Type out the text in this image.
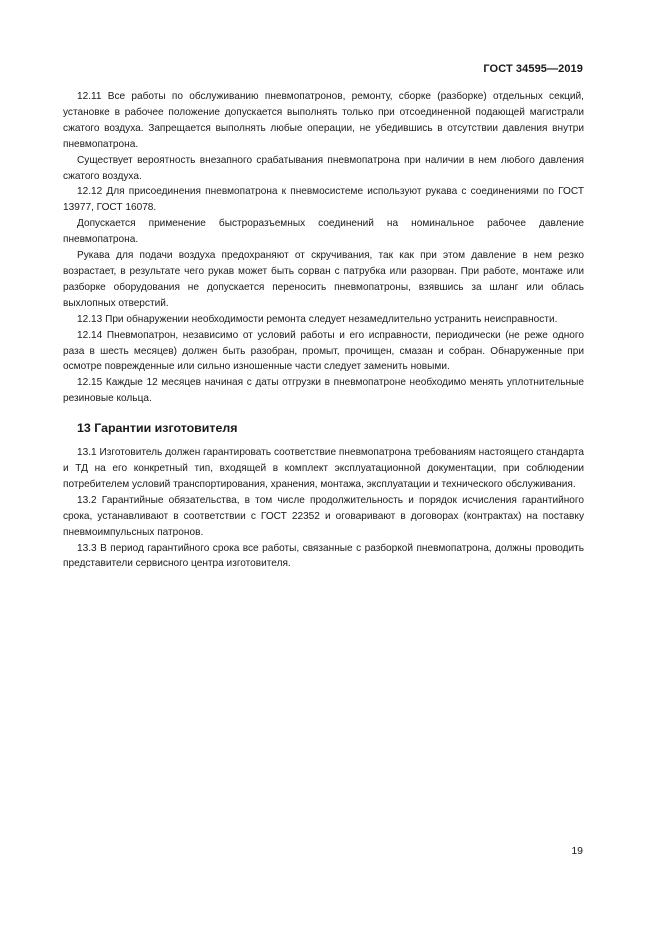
ГОСТ 34595—2019

12.11 Все работы по обслуживанию пневмопатронов, ремонту, сборке (разборке) отдельных секций, установке в рабочее положение допускается выполнять только при отсоединенной подающей магистрали сжатого воздуха. Запрещается выполнять любые операции, не убедившись в отсутствии давления внутри пневмопатрона.

Существует вероятность внезапного срабатывания пневмопатрона при наличии в нем любого давления сжатого воздуха.

12.12 Для присоединения пневмопатрона к пневмосистеме используют рукава с соединениями по ГОСТ 13977, ГОСТ 16078.

Допускается применение быстроразъемных соединений на номинальное рабочее давление пневмопатрона.

Рукава для подачи воздуха предохраняют от скручивания, так как при этом давление в нем резко возрастает, в результате чего рукав может быть сорван с патрубка или разорван. При работе, монтаже или разборке оборудования не допускается переносить пневмопатроны, взявшись за шланг или облась выхлопных отверстий.

12.13 При обнаружении необходимости ремонта следует незамедлительно устранить неисправности.

12.14 Пневмопатрон, независимо от условий работы и его исправности, периодически (не реже одного раза в шесть месяцев) должен быть разобран, промыт, прочищен, смазан и собран. Обнаруженные при осмотре поврежденные или сильно изношенные части следует заменить новыми.

12.15 Каждые 12 месяцев начиная с даты отгрузки в пневмопатроне необходимо менять уплотнительные резиновые кольца.

13 Гарантии изготовителя

13.1 Изготовитель должен гарантировать соответствие пневмопатрона требованиям настоящего стандарта и ТД на его конкретный тип, входящей в комплект эксплуатационной документации, при соблюдении потребителем условий транспортирования, хранения, монтажа, эксплуатации и технического обслуживания.

13.2 Гарантийные обязательства, в том числе продолжительность и порядок исчисления гарантийного срока, устанавливают в соответствии с ГОСТ 22352 и оговаривают в договорах (контрактах) на поставку пневмоимпульсных патронов.

13.3 В период гарантийного срока все работы, связанные с разборкой пневмопатрона, должны проводить представители сервисного центра изготовителя.

19
